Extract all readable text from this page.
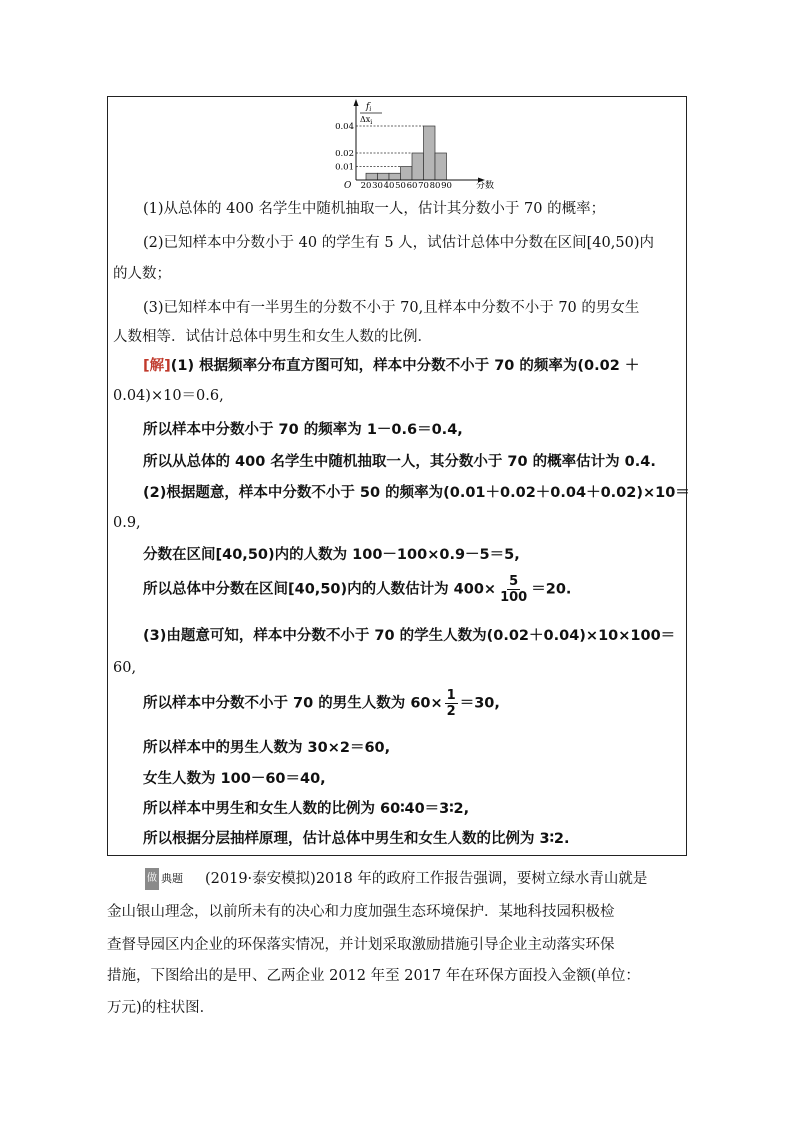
$f_i$
$\Delta x_i$
O	分数
0.04
0.02
0.01
20 30 40 50 60 70 80 90
(1)从总体的 400 名学生中随机抽取一人，估计其分数小于 70 的概率；
(2)已知样本中分数小于 40 的学生有 5 人，试估计总体中分数在区间[40,50)内
的人数；
(3)已知样本中有一半男生的分数不小于 70,且样本中分数不小于 70 的男女生
人数相等．试估计总体中男生和女生人数的比例．
[解](1) 根据频率分布直方图可知，样本中分数不小于 70 的频率为(0.02 ＋
0.04)×10＝0.6,
所以样本中分数小于 70 的频率为 1－0.6＝0.4,
所以从总体的 400 名学生中随机抽取一人，其分数小于 70 的概率估计为 0.4.
(2)根据题意，样本中分数不小于 50 的频率为(0.01＋0.02＋0.04＋0.02)×10＝
0.9,
分数在区间[40,50)内的人数为 100－100×0.9－5＝5,
所以总体中分数在区间[40,50)内的人数估计为 $400\times \frac{5}{100} =20$.
(3)由题意可知，样本中分数不小于 70 的学生人数为(0.02＋0.04)×10×100＝
60,
所以样本中分数不小于 70 的男生人数为 $60\times \frac{1}{2} =30$,
所以样本中的男生人数为 30×2＝60,
女生人数为 100－60＝40,
所以样本中男生和女生人数的比例为 60∶40＝3∶2,
所以根据分层抽样原理，估计总体中男生和女生人数的比例为 3∶2.
做 典题 (2019·泰安模拟)2018 年的政府工作报告强调，要树立绿水青山就是
金山银山理念，以前所未有的决心和力度加强生态环境保护．某地科技园积极检
查督导园区内企业的环保落实情况，并计划采取激励措施引导企业主动落实环保
措施，下图给出的是甲、乙两企业 2012 年至 2017 年在环保方面投入金额(单位：
万元)的柱状图．
